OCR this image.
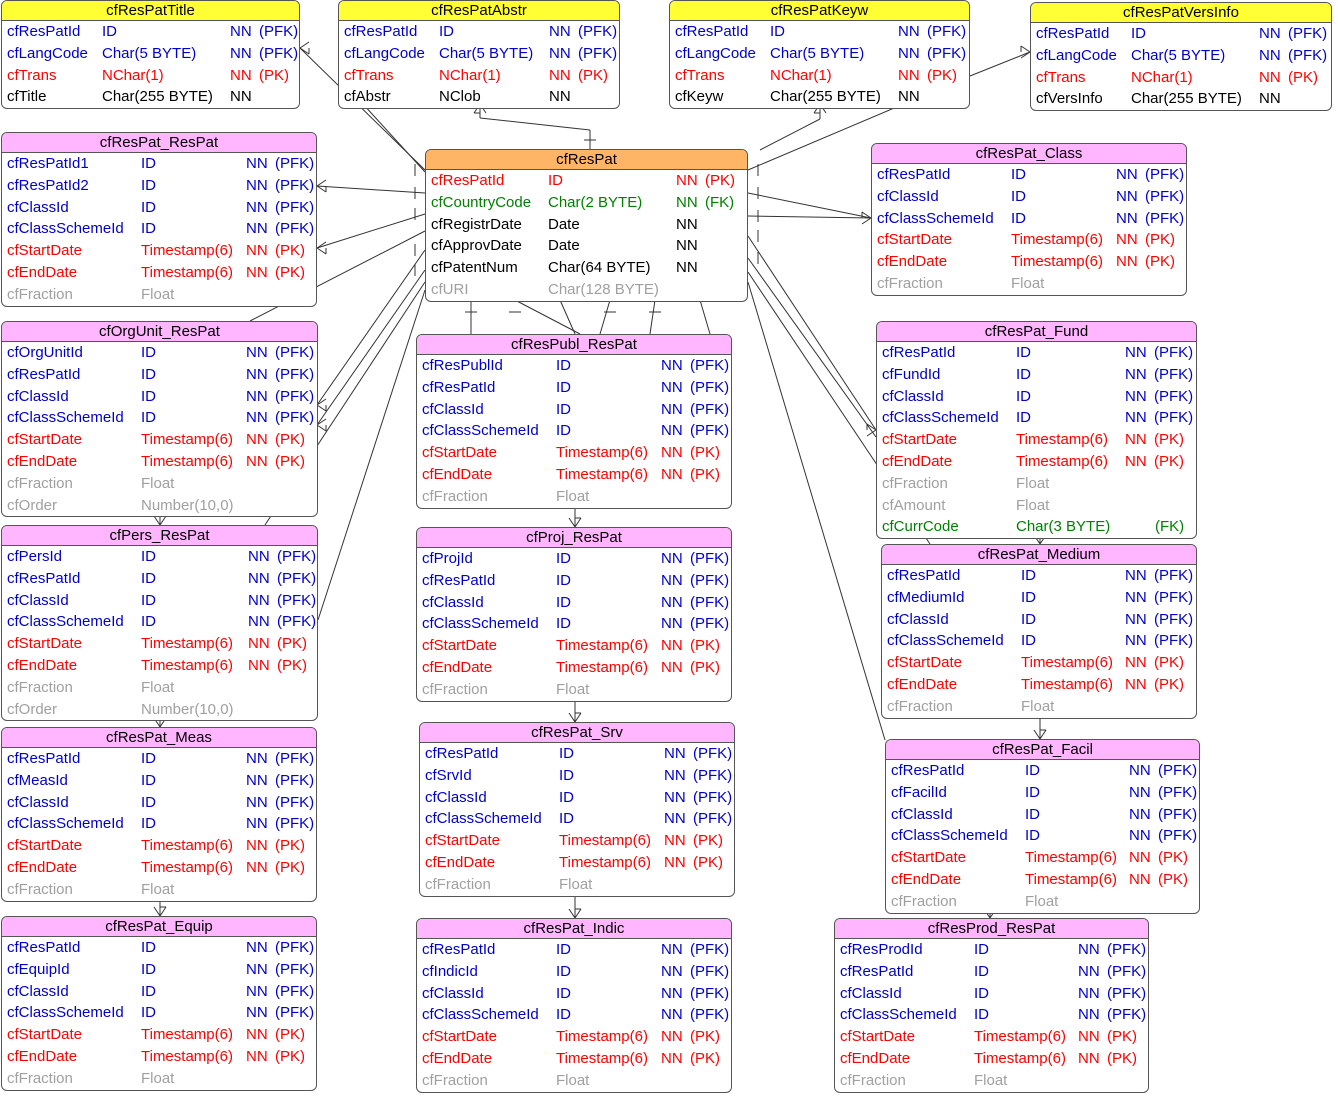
cfResPatTitle
cfResPatId ID	NN (PFK)
cfLangCode Char(5 BYTE) NN (PFK)
cfTrans	NChar(1)	NN (PK)
cfTitle	Char(255 BYTE) NN
cfResPatAbstr
cfResPatId ID	NN (PFK)
cfLangCode Char(5 BYTE) NN (PFK)
cfTrans	NChar(1)	NN (PK)
cfAbstr	NClob	NN
cfResPatKeyw
cfResPatId ID	NN (PFK)
cfLangCode Char(5 BYTE) NN (PFK)
cfTrans	NChar(1)	NN (PK)
cfKeyw	Char(255 BYTE) NN
cfResPatVersInfo
cfResPatId ID	NN (PFK)
cfLangCode Char(5 BYTE) NN (PFK)
cfTrans	NChar(1)	NN (PK)
cfVersInfo Char(255 BYTE) NN
cfResPat
cfResPatId	ID	NN (PK)
cfCountryCode Char(2 BYTE) NN (FK)
cfRegistrDate Date	NN
cfApprovDate Date	NN
cfPatentNum Char(64 BYTE) NN
cfURI	Char(128 BYTE)
cfResPat_ResPat
cfResPatId1	ID	NN (PFK)
cfResPatId2	ID	NN (PFK)
cfClassId	ID	NN (PFK)
cfClassSchemeId ID	NN (PFK)
cfStartDate	Timestamp(6) NN (PK)
cfEndDate	Timestamp(6) NN (PK)
cfFraction	Float
cfResPat_Class
cfResPatId	ID	NN (PFK)
cfClassId	ID	NN (PFK)
cfClassSchemeId ID	NN (PFK)
cfStartDate	Timestamp(6) NN (PK)
cfEndDate	Timestamp(6) NN (PK)
cfFraction	Float
cfOrgUnit_ResPat
cfOrgUnitId	ID	NN (PFK)
cfResPatId	ID	NN (PFK)
cfClassId	ID	NN (PFK)
cfClassSchemeId ID	NN (PFK)
cfStartDate	Timestamp(6) NN (PK)
cfEndDate	Timestamp(6) NN (PK)
cfFraction	Float
cfOrder	Number(10,0)
cfResPubl_ResPat
cfResPublId	ID	NN (PFK)
cfResPatId	ID	NN (PFK)
cfClassId	ID	NN (PFK)
cfClassSchemeId ID	NN (PFK)
cfStartDate	Timestamp(6) NN (PK)
cfEndDate	Timestamp(6) NN (PK)
cfFraction	Float
cfResPat_Fund
cfResPatId	ID	NN (PFK)
cfFundId	ID	NN (PFK)
cfClassId	ID	NN (PFK)
cfClassSchemeId ID	NN (PFK)
cfStartDate	Timestamp(6) NN (PK)
cfEndDate	Timestamp(6) NN (PK)
cfFraction	Float
cfAmount	Float
cfCurrCode	Char(3 BYTE)	(FK)
cfPers_ResPat
cfPersId	ID	NN (PFK)
cfResPatId	ID	NN (PFK)
cfClassId	ID	NN (PFK)
cfClassSchemeId ID	NN (PFK)
cfStartDate	Timestamp(6) NN (PK)
cfEndDate	Timestamp(6) NN (PK)
cfFraction	Float
cfOrder	Number(10,0)
cfProj_ResPat
cfProjId	ID	NN (PFK)
cfResPatId	ID	NN (PFK)
cfClassId	ID	NN (PFK)
cfClassSchemeId ID	NN (PFK)
cfStartDate	Timestamp(6) NN (PK)
cfEndDate	Timestamp(6) NN (PK)
cfFraction	Float
cfResPat_Medium
cfResPatId	ID	NN (PFK)
cfMediumId	ID	NN (PFK)
cfClassId	ID	NN (PFK)
cfClassSchemeId ID	NN (PFK)
cfStartDate	Timestamp(6) NN (PK)
cfEndDate	Timestamp(6) NN (PK)
cfFraction	Float
cfResPat_Meas
cfResPatId	ID	NN (PFK)
cfMeasId	ID	NN (PFK)
cfClassId	ID	NN (PFK)
cfClassSchemeId ID	NN (PFK)
cfStartDate	Timestamp(6) NN (PK)
cfEndDate	Timestamp(6) NN (PK)
cfFraction	Float
cfResPat_Srv
cfResPatId	ID	NN (PFK)
cfSrvId	ID	NN (PFK)
cfClassId	ID	NN (PFK)
cfClassSchemeId ID	NN (PFK)
cfStartDate	Timestamp(6) NN (PK)
cfEndDate	Timestamp(6) NN (PK)
cfFraction	Float
cfResPat_Facil
cfResPatId	ID	NN (PFK)
cfFacilId	ID	NN (PFK)
cfClassId	ID	NN (PFK)
cfClassSchemeId ID	NN (PFK)
cfStartDate	Timestamp(6) NN (PK)
cfEndDate	Timestamp(6) NN (PK)
cfFraction	Float
cfResPat_Equip
cfResPatId	ID	NN (PFK)
cfEquipId	ID	NN (PFK)
cfClassId	ID	NN (PFK)
cfClassSchemeId ID	NN (PFK)
cfStartDate	Timestamp(6) NN (PK)
cfEndDate	Timestamp(6) NN (PK)
cfFraction	Float
cfResPat_Indic
cfResPatId	ID	NN (PFK)
cfIndicId	ID	NN (PFK)
cfClassId	ID	NN (PFK)
cfClassSchemeId ID	NN (PFK)
cfStartDate	Timestamp(6) NN (PK)
cfEndDate	Timestamp(6) NN (PK)
cfFraction	Float
cfResProd_ResPat
cfResProdId	ID	NN (PFK)
cfResPatId	ID	NN (PFK)
cfClassId	ID	NN (PFK)
cfClassSchemeId ID	NN (PFK)
cfStartDate	Timestamp(6) NN (PK)
cfEndDate	Timestamp(6) NN (PK)
cfFraction	Float
